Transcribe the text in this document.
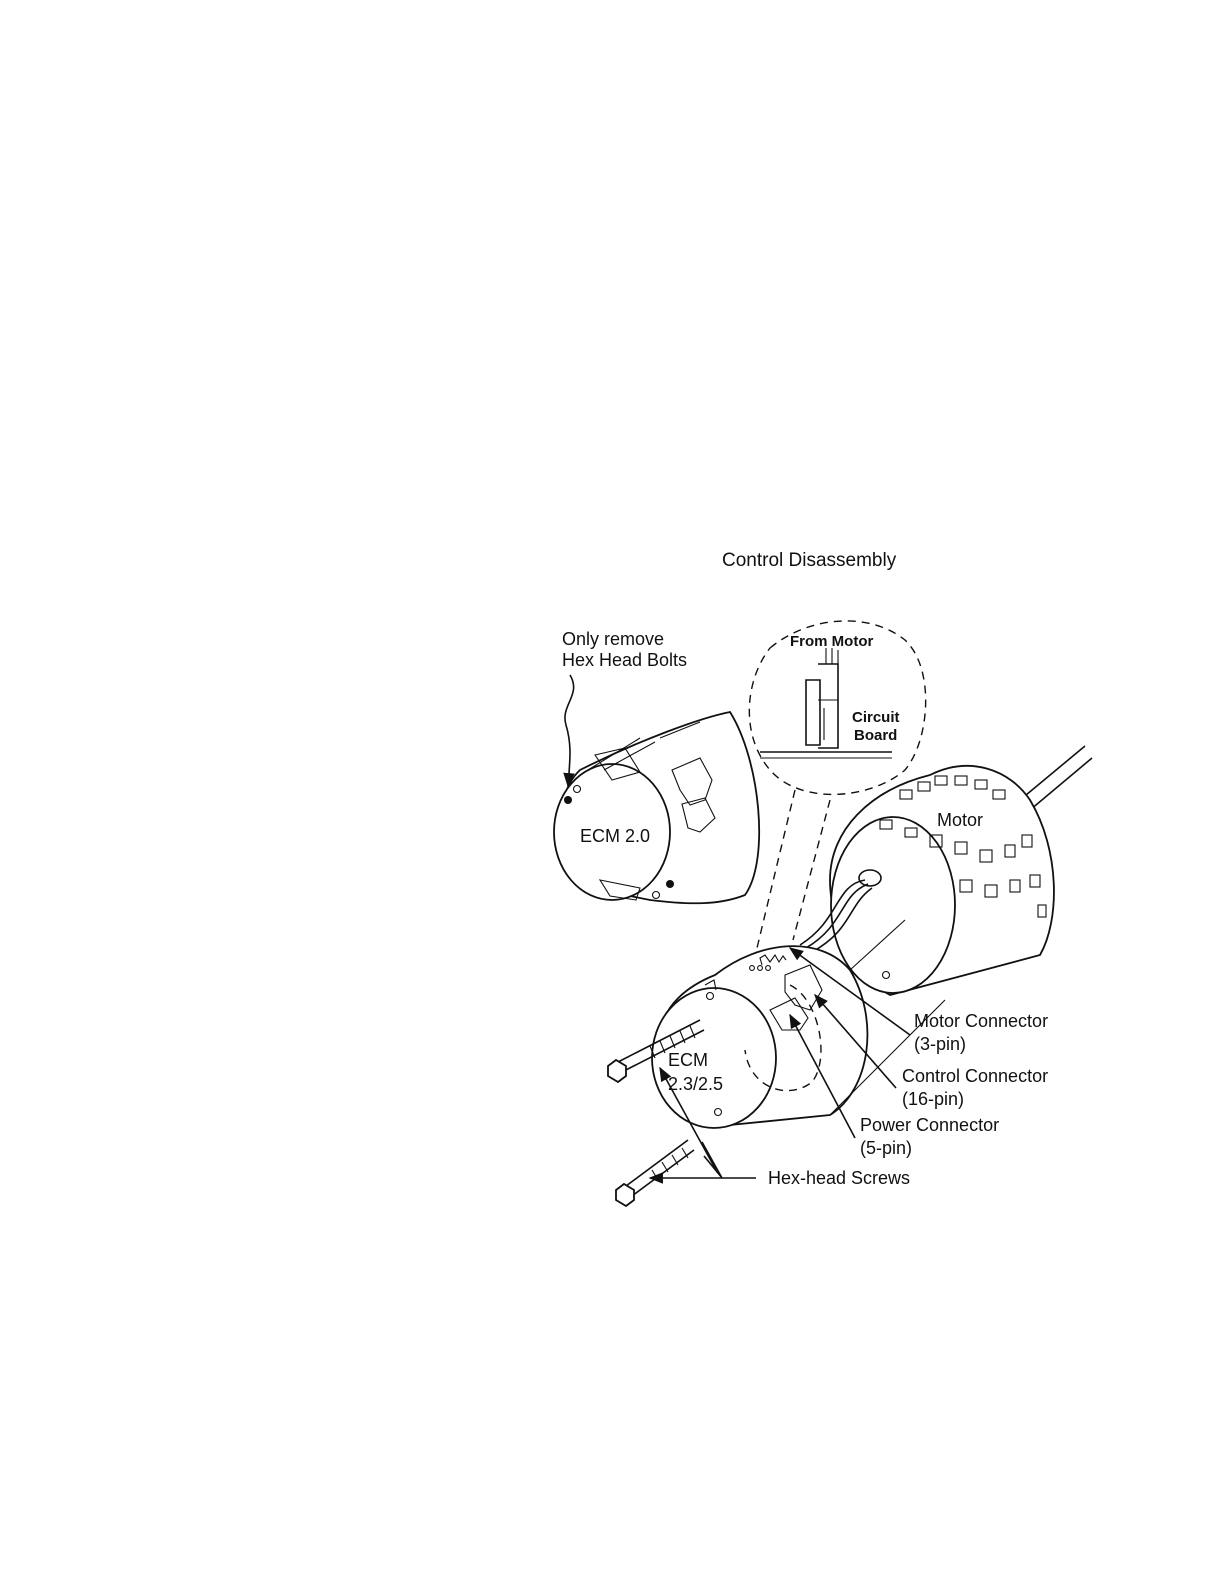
Control Disassembly
ECM 2.0
Only remove
Hex Head Bolts
From Motor
Circuit
Board
Motor
ECM
2.3/2.5
Hex-head Screws
Motor Connector
(3-pin)
Control Connector
(16-pin)
Power Connector
(5-pin)
